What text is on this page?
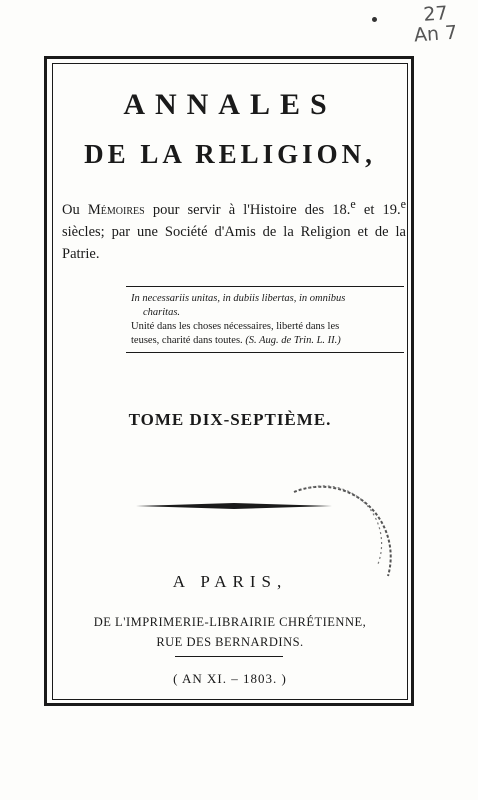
27
An 7
ANNALES
DE LA RELIGION,
Ou Mémoires pour servir à l'Histoire des 18.$^e$ et 19.$^e$ siècles; par une Société d'Amis de la Religion et de la Patrie.
In necessariis unitas, in dubiis libertas, in omnibus
charitas.
Unité dans les choses nécessaires, liberté dans les
teuses, charité dans toutes. (S. Aug. de Trin. L. II.)
TOME DIX-SEPTIÈME.
A PARIS,
DE L'IMPRIMERIE-LIBRAIRIE CHRÉTIENNE,
RUE DES BERNARDINS.
( AN XI. – 1803. )
